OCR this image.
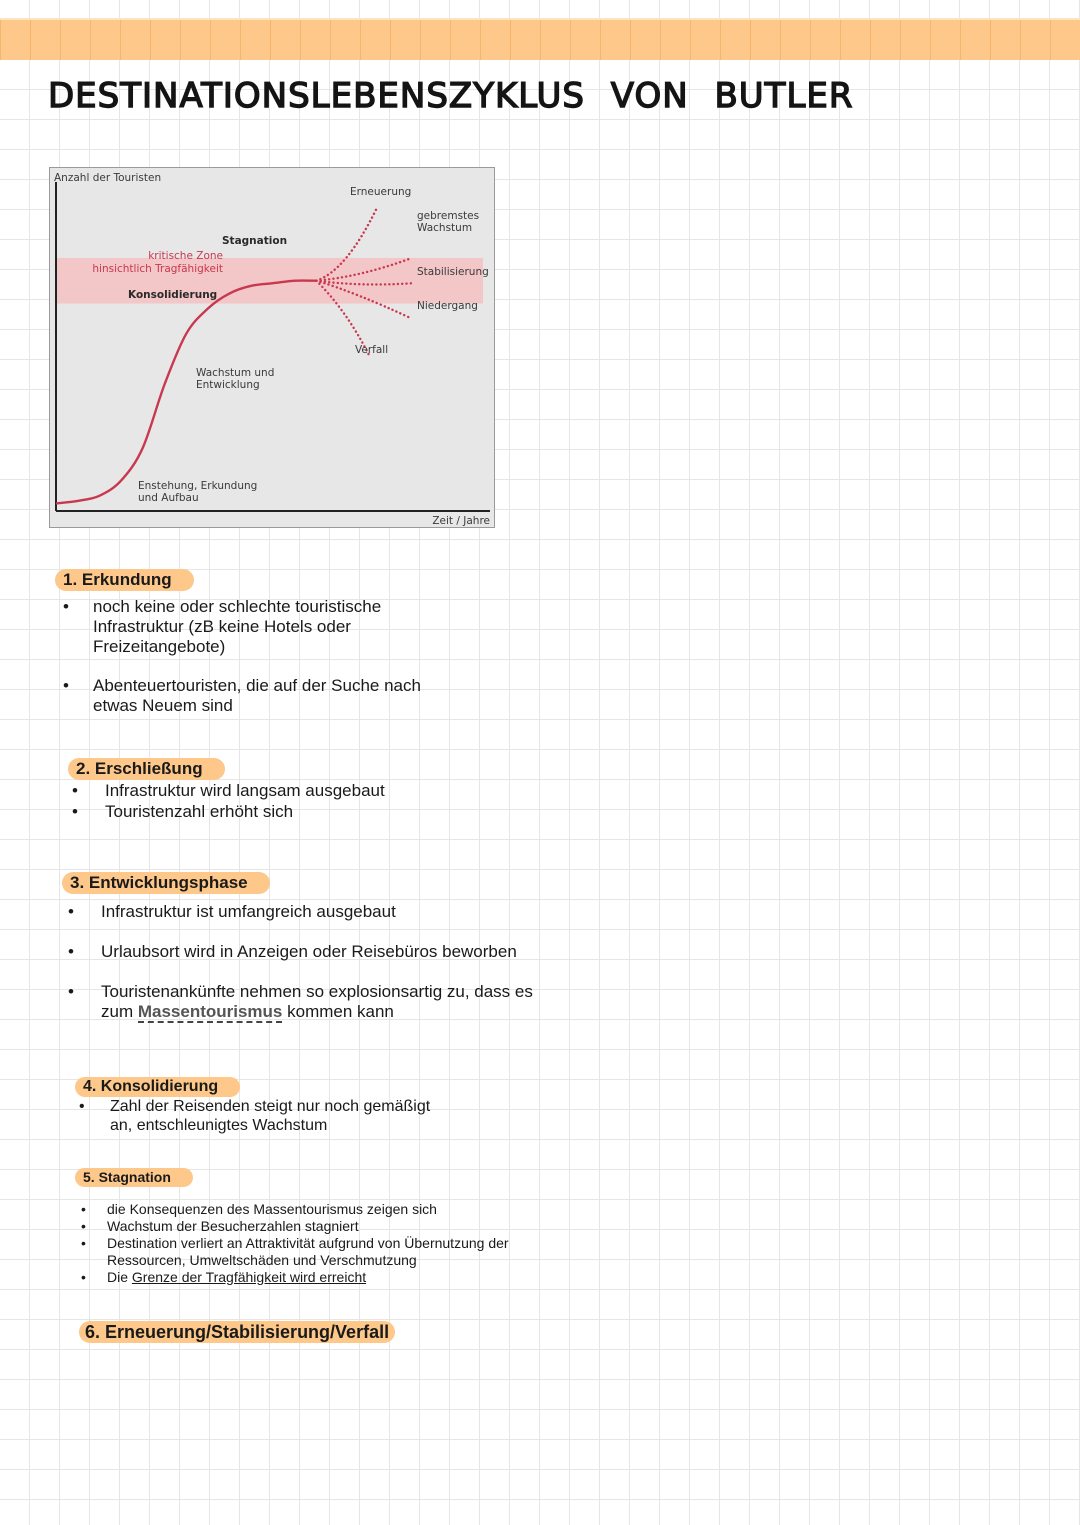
DESTINATIONSLEBENSZYKLUS VON BUTLER
kritische Zone
hinsichtlich Tragfähigkeit
Anzahl der Touristen
Zeit / Jahre
Stagnation
Konsolidierung
Wachstum und
Entwicklung
Enstehung, Erkundung
und Aufbau
Erneuerung
gebremstes
Wachstum
Stabilisierung
Niedergang
Verfall
1. Erkundung
• noch keine oder schlechte touristische
Infrastruktur (zB keine Hotels oder
Freizeitangebote)
• Abenteuertouristen, die auf der Suche nach
etwas Neuem sind
2. Erschließung
• Infrastruktur wird langsam ausgebaut
• Touristenzahl erhöht sich
3. Entwicklungsphase
• Infrastruktur ist umfangreich ausgebaut
• Urlaubsort wird in Anzeigen oder Reisebüros beworben
• Touristenankünfte nehmen so explosionsartig zu, dass es
zum Massentourismus kommen kann
4. Konsolidierung
• Zahl der Reisenden steigt nur noch gemäßigt
an, entschleunigtes Wachstum
5. Stagnation
• die Konsequenzen des Massentourismus zeigen sich
• Wachstum der Besucherzahlen stagniert
• Destination verliert an Attraktivität aufgrund von Übernutzung der
Ressourcen, Umweltschäden und Verschmutzung
• Die Grenze der Tragfähigkeit wird erreicht
6. Erneuerung/Stabilisierung/Verfall
